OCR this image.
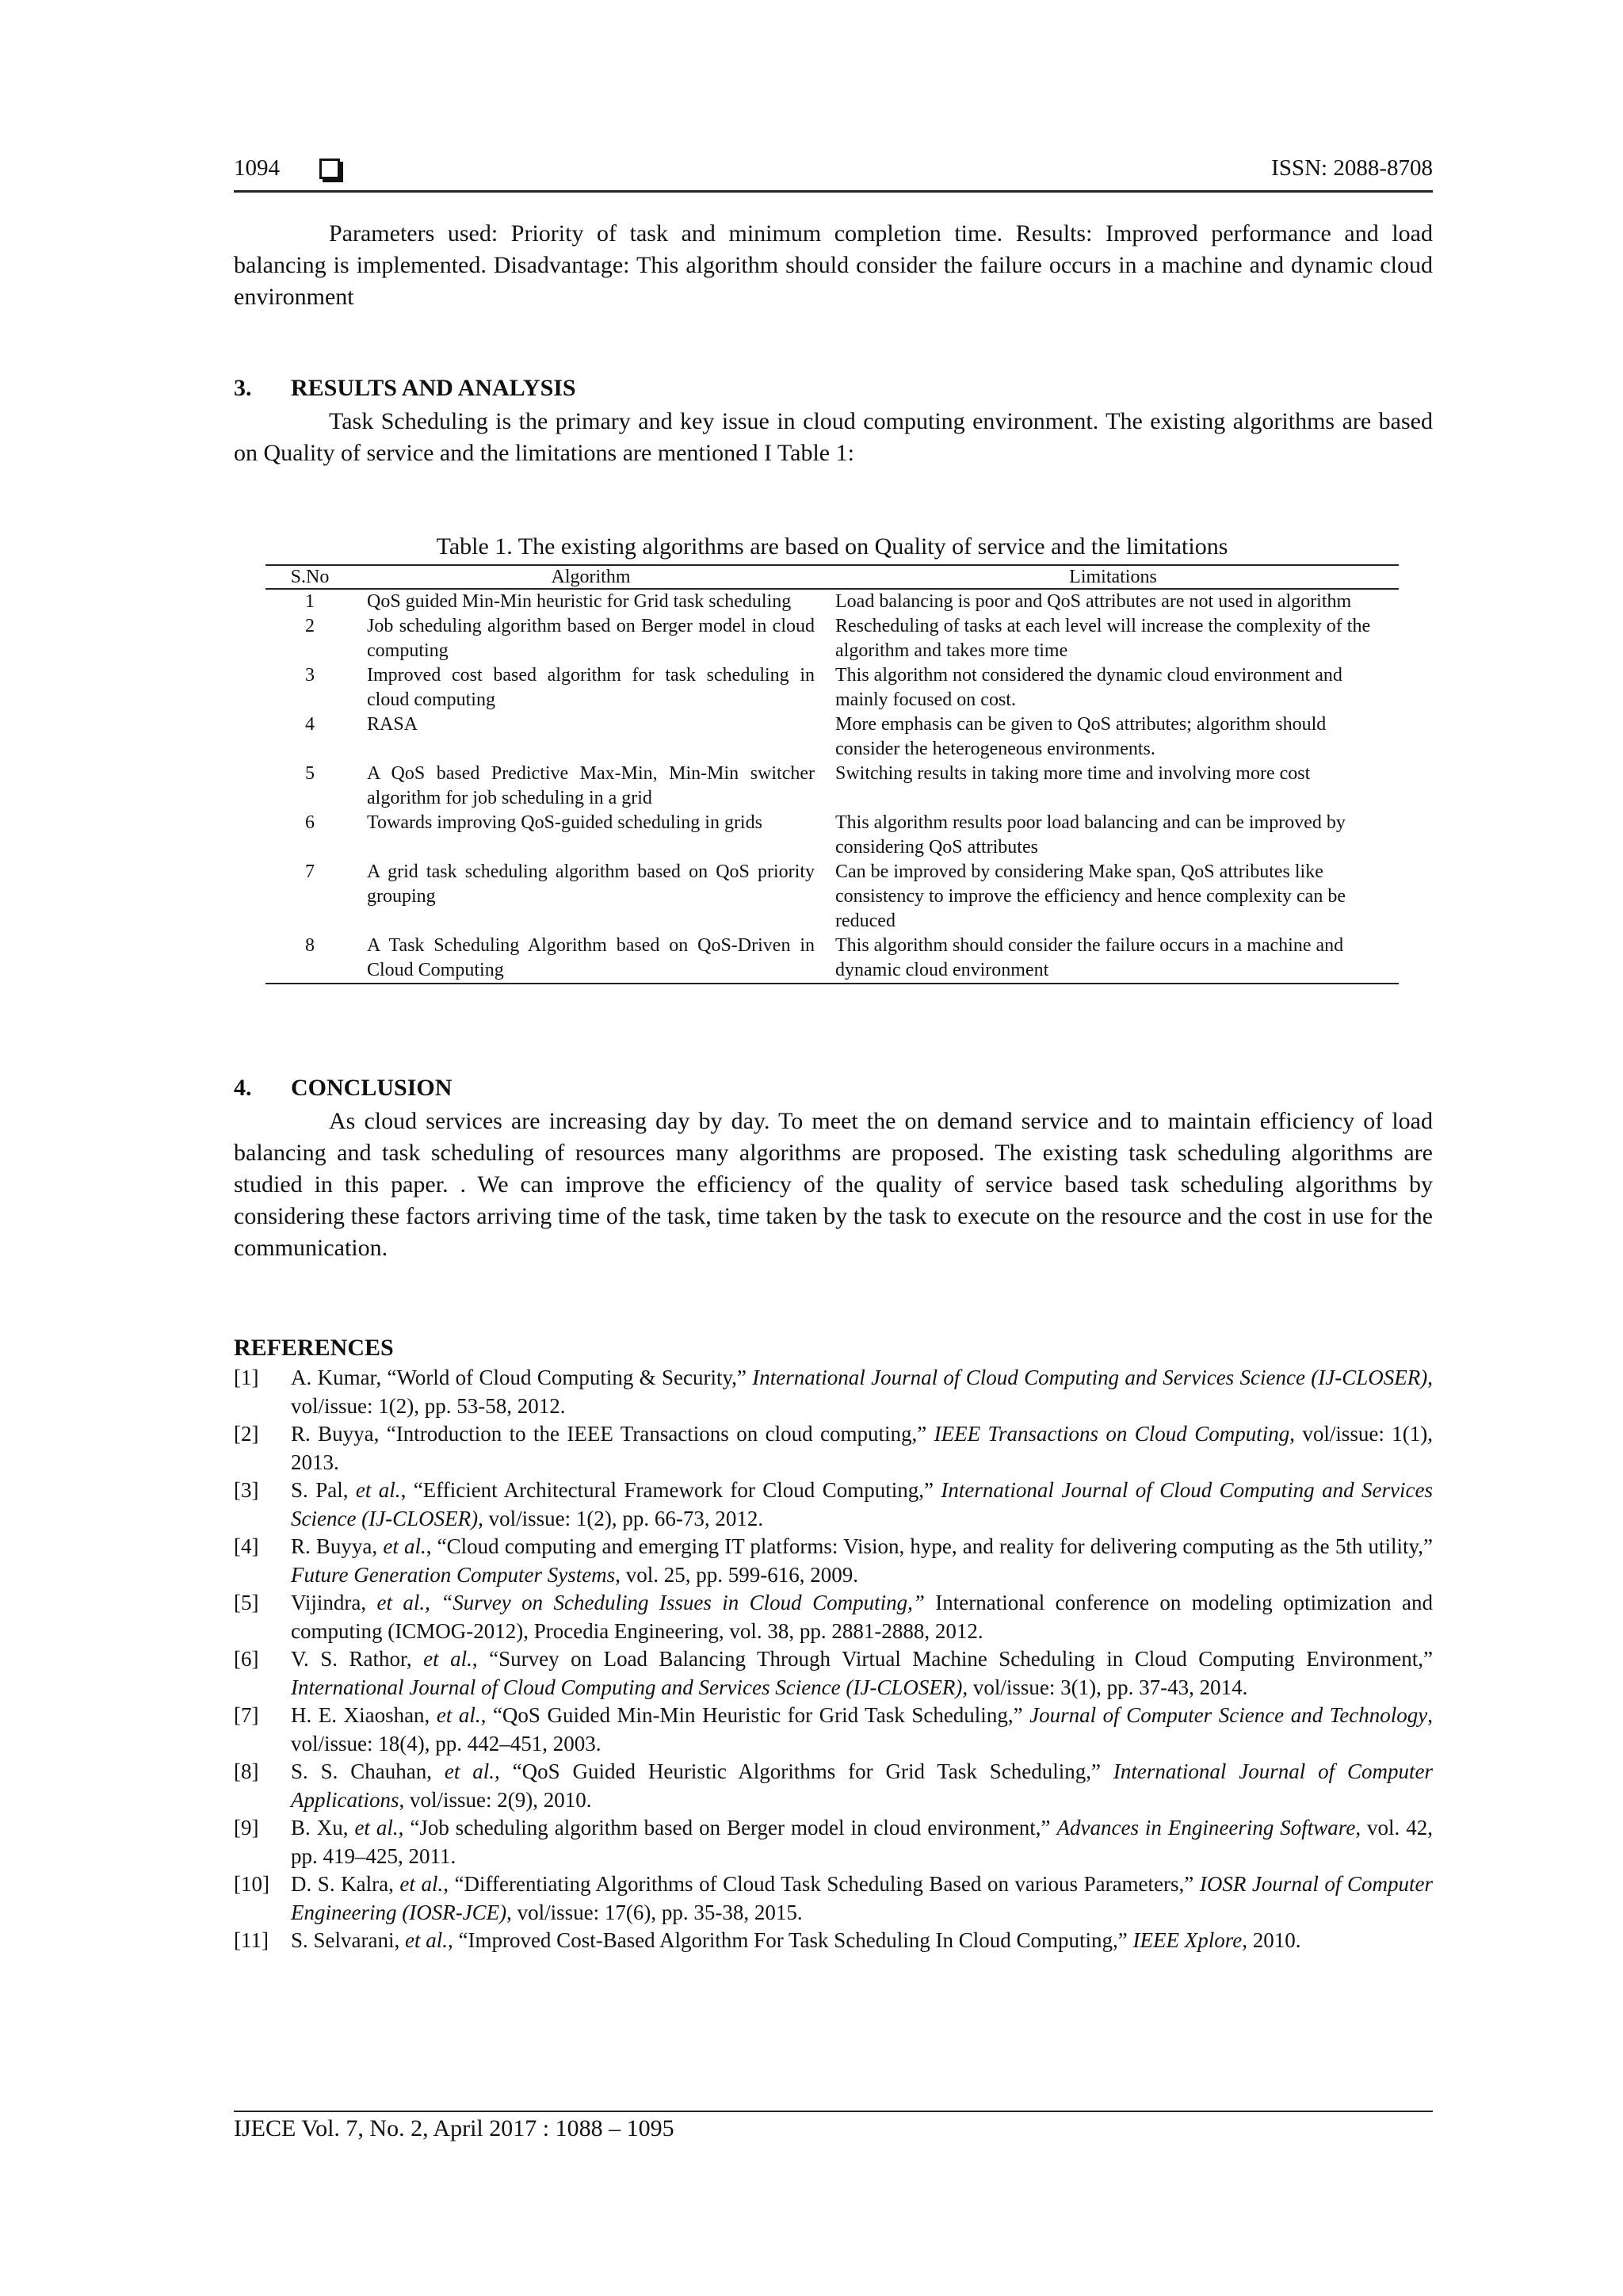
1094	ISSN: 2088-8708

Parameters used: Priority of task and minimum completion time. Results: Improved performance and load balancing is implemented. Disadvantage: This algorithm should consider the failure occurs in a machine and dynamic cloud environment

3. RESULTS AND ANALYSIS

Task Scheduling is the primary and key issue in cloud computing environment. The existing algorithms are based on Quality of service and the limitations are mentioned I Table 1:

Table 1. The existing algorithms are based on Quality of service and the limitations

S.No	Algorithm	Limitations
1	QoS guided Min-Min heuristic for Grid task scheduling	Load balancing is poor and QoS attributes are not used in algorithm
2	Job scheduling algorithm based on Berger model in cloud computing	Rescheduling of tasks at each level will increase the complexity of the algorithm and takes more time
3	Improved cost based algorithm for task scheduling in cloud computing	This algorithm not considered the dynamic cloud environment and mainly focused on cost.
4	RASA	More emphasis can be given to QoS attributes; algorithm should consider the heterogeneous environments.
5	A QoS based Predictive Max-Min, Min-Min switcher algorithm for job scheduling in a grid	Switching results in taking more time and involving more cost
6	Towards improving QoS-guided scheduling in grids	This algorithm results poor load balancing and can be improved by considering QoS attributes
7	A grid task scheduling algorithm based on QoS priority grouping	Can be improved by considering Make span, QoS attributes like consistency to improve the efficiency and hence complexity can be reduced
8	A Task Scheduling Algorithm based on QoS-Driven in Cloud Computing	This algorithm should consider the failure occurs in a machine and dynamic cloud environment
4. CONCLUSION

As cloud services are increasing day by day. To meet the on demand service and to maintain efficiency of load balancing and task scheduling of resources many algorithms are proposed. The existing task scheduling algorithms are studied in this paper. . We can improve the efficiency of the quality of service based task scheduling algorithms by considering these factors arriving time of the task, time taken by the task to execute on the resource and the cost in use for the communication.

REFERENCES
[1] A. Kumar, “World of Cloud Computing & Security,” International Journal of Cloud Computing and Services Science (IJ-CLOSER), vol/issue: 1(2), pp. 53-58, 2012.
[2] R. Buyya, “Introduction to the IEEE Transactions on cloud computing,” IEEE Transactions on Cloud Computing, vol/issue: 1(1), 2013.
[3] S. Pal, et al., “Efficient Architectural Framework for Cloud Computing,” International Journal of Cloud Computing and Services Science (IJ-CLOSER), vol/issue: 1(2), pp. 66-73, 2012.
[4] R. Buyya, et al., “Cloud computing and emerging IT platforms: Vision, hype, and reality for delivering computing as the 5th utility,” Future Generation Computer Systems, vol. 25, pp. 599-616, 2009.
[5] Vijindra, et al., “Survey on Scheduling Issues in Cloud Computing,” International conference on modeling optimization and computing (ICMOG-2012), Procedia Engineering, vol. 38, pp. 2881-2888, 2012.
[6] V. S. Rathor, et al., “Survey on Load Balancing Through Virtual Machine Scheduling in Cloud Computing Environment,” International Journal of Cloud Computing and Services Science (IJ-CLOSER), vol/issue: 3(1), pp. 37-43, 2014.
[7] H. E. Xiaoshan, et al., “QoS Guided Min-Min Heuristic for Grid Task Scheduling,” Journal of Computer Science and Technology, vol/issue: 18(4), pp. 442–451, 2003.
[8] S. S. Chauhan, et al., “QoS Guided Heuristic Algorithms for Grid Task Scheduling,” International Journal of Computer Applications, vol/issue: 2(9), 2010.
[9] B. Xu, et al., “Job scheduling algorithm based on Berger model in cloud environment,” Advances in Engineering Software, vol. 42, pp. 419–425, 2011.
[10] D. S. Kalra, et al., “Differentiating Algorithms of Cloud Task Scheduling Based on various Parameters,” IOSR Journal of Computer Engineering (IOSR-JCE), vol/issue: 17(6), pp. 35-38, 2015.
[11] S. Selvarani, et al., “Improved Cost-Based Algorithm For Task Scheduling In Cloud Computing,” IEEE Xplore, 2010.
IJECE Vol. 7, No. 2, April 2017 : 1088 – 1095
